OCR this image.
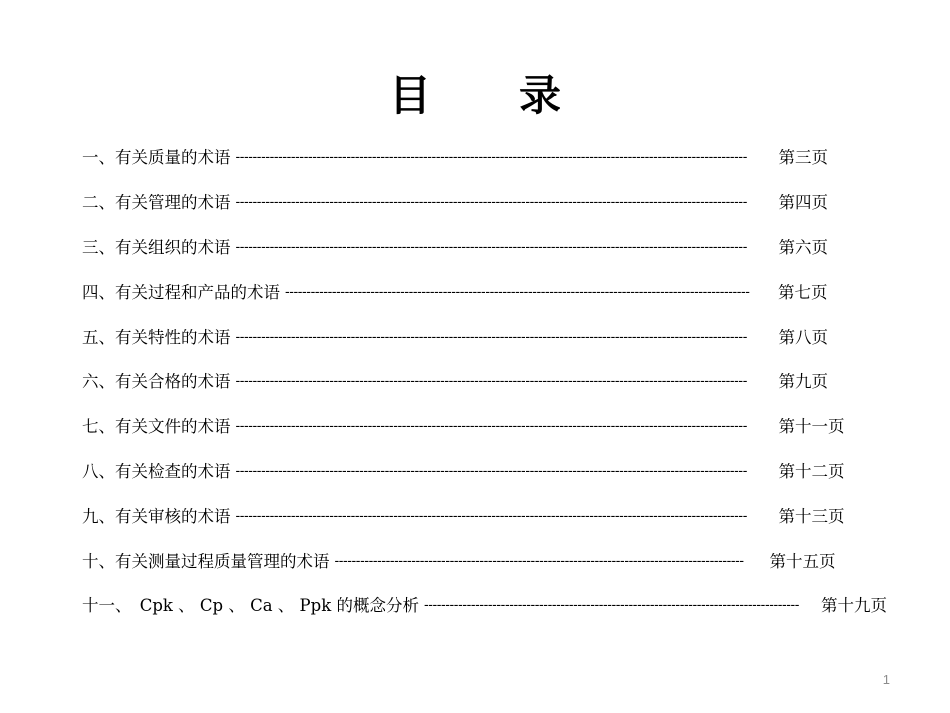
目 录
一、有关质量的术语 ------------------------------------------------------------------------------------------------------------------------	第三页
二、有关管理的术语 ------------------------------------------------------------------------------------------------------------------------	第四页
三、有关组织的术语 ------------------------------------------------------------------------------------------------------------------------	第六页
四、有关过程和产品的术语 -------------------------------------------------------------------------------------------------------------	第七页
五、有关特性的术语 ------------------------------------------------------------------------------------------------------------------------	第八页
六、有关合格的术语 ------------------------------------------------------------------------------------------------------------------------	第九页
七、有关文件的术语 ------------------------------------------------------------------------------------------------------------------------	第十一页
八、有关检查的术语 ------------------------------------------------------------------------------------------------------------------------	第十二页
九、有关审核的术语 ------------------------------------------------------------------------------------------------------------------------	第十三页
十、有关测量过程质量管理的术语 ------------------------------------------------------------------------------------------------	第十五页
十一、　Cpk 、 Cp 、 Ca 、 Ppk 的概念分析 ----------------------------------------------------------------------------------------	第十九页
1
